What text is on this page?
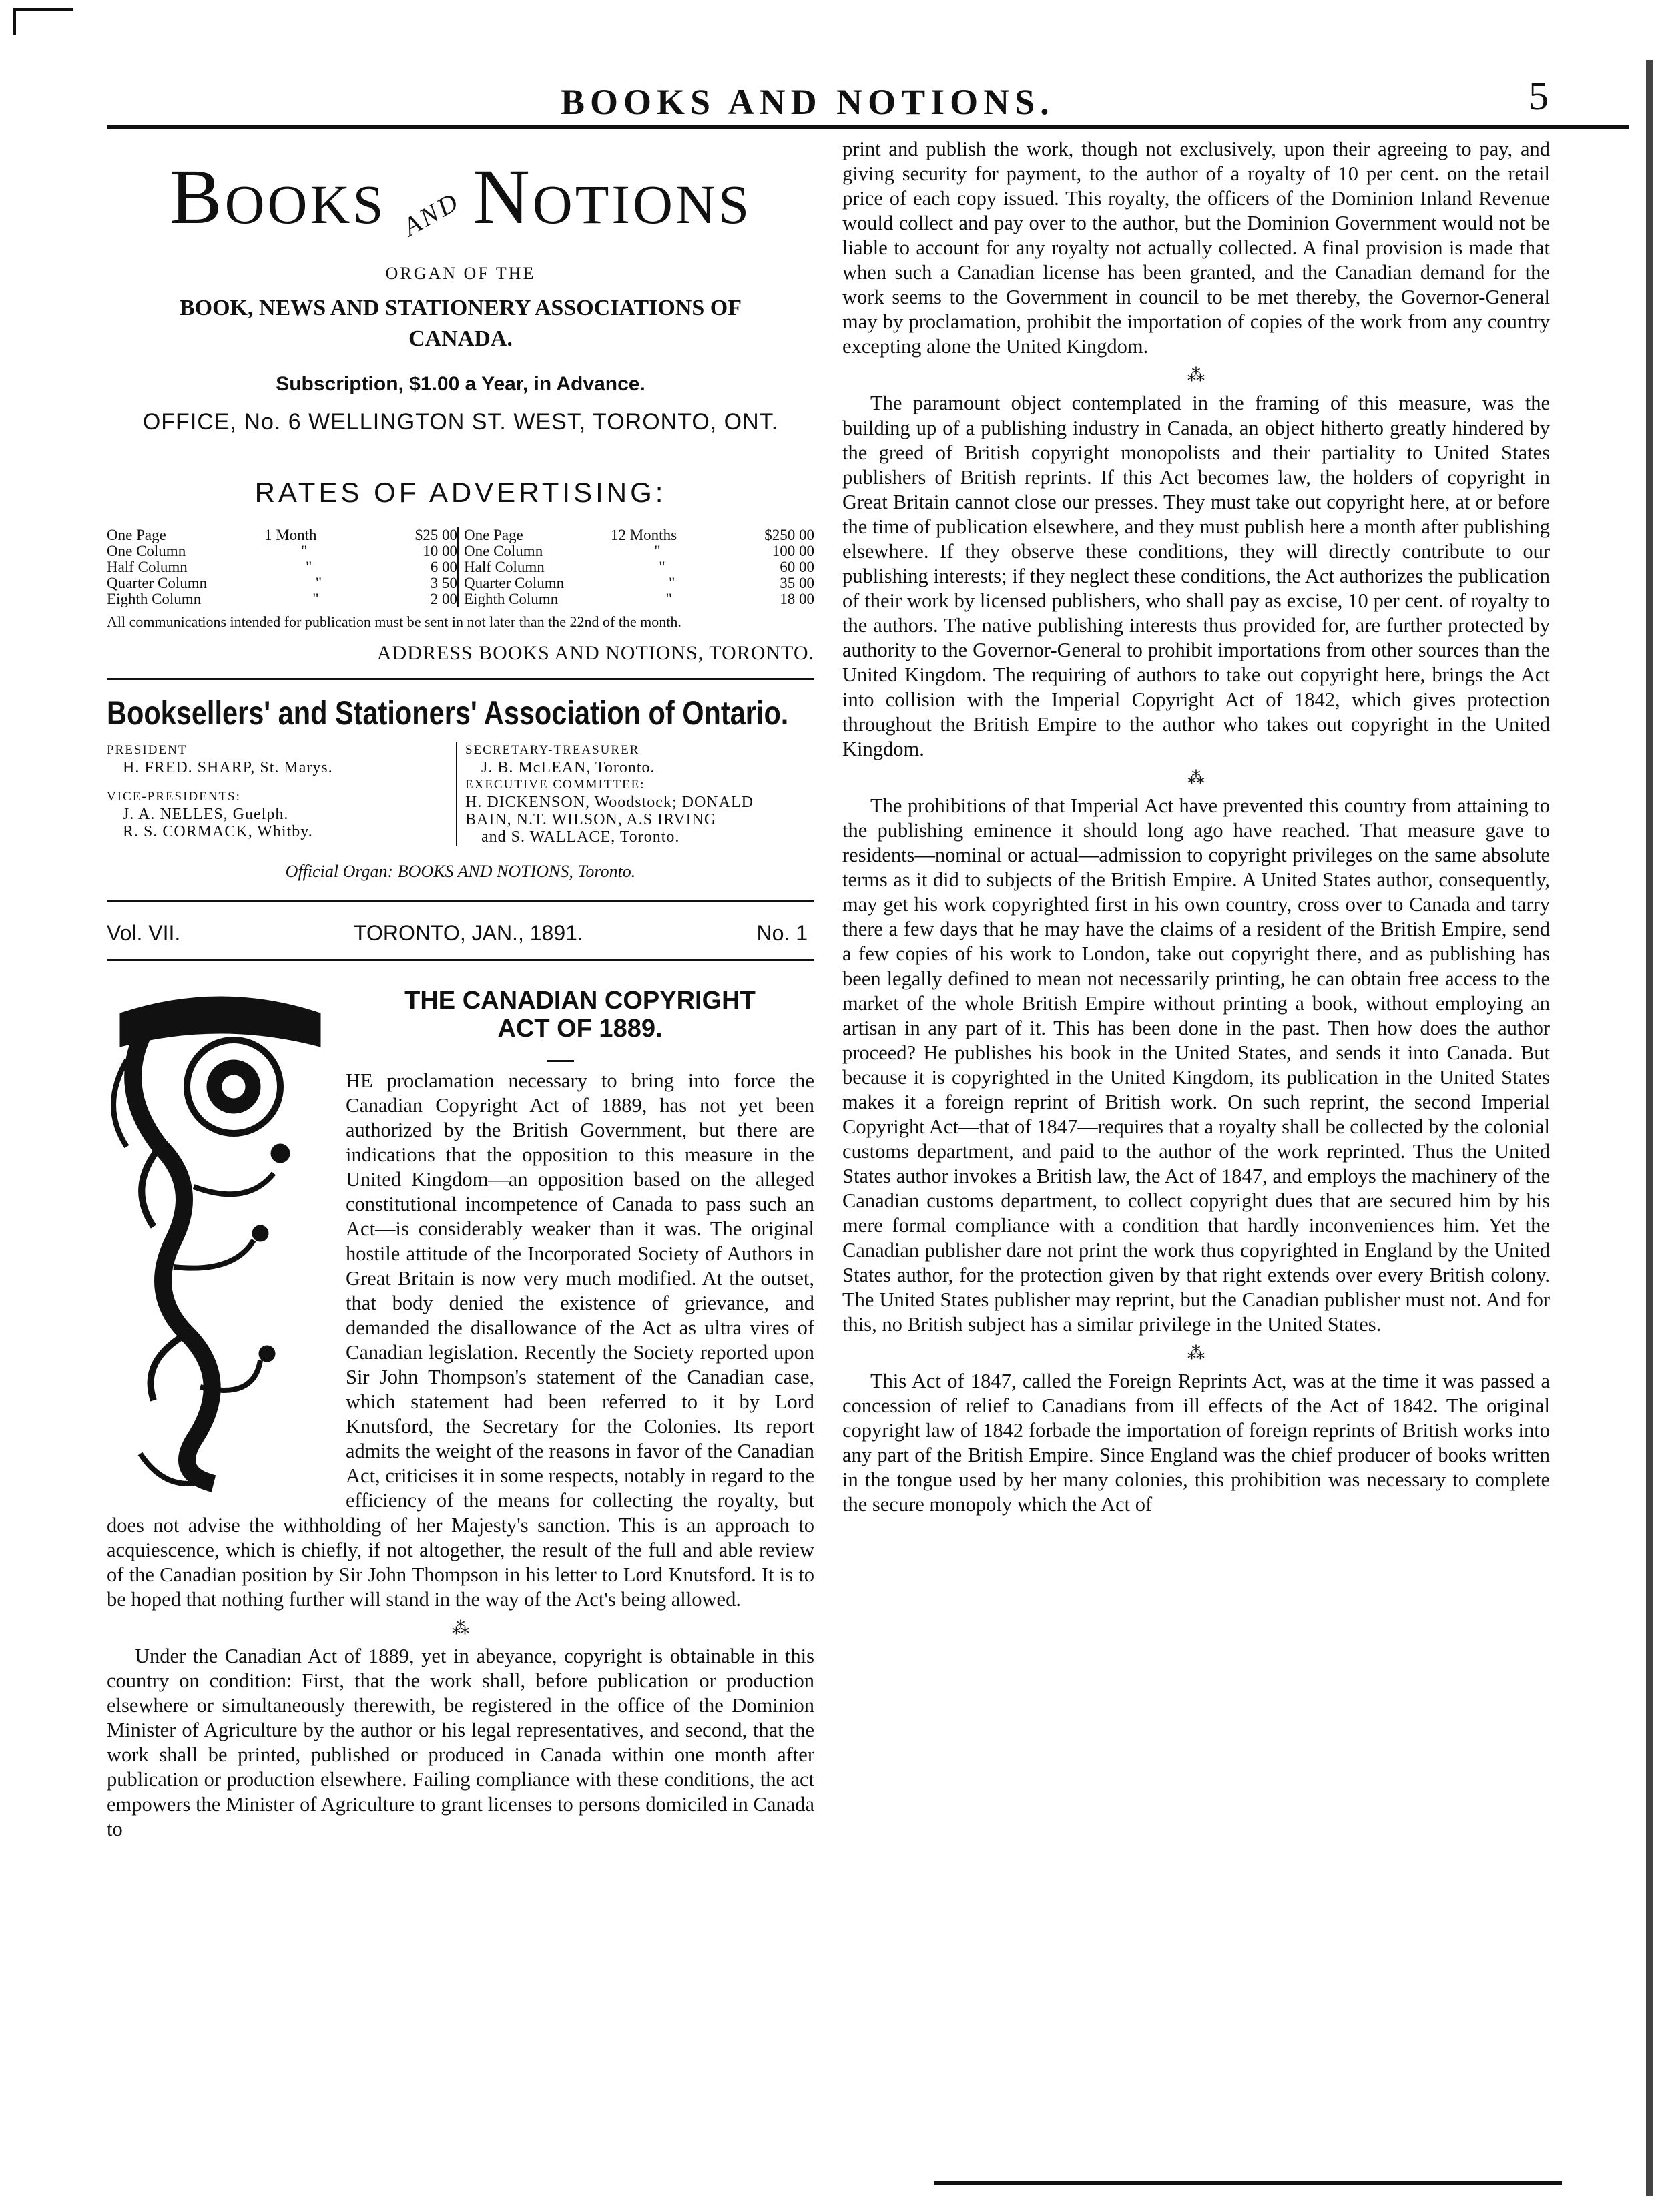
BOOKS AND NOTIONS.	5
Books andNotions
ORGAN OF THE
BOOK, NEWS AND STATIONERY ASSOCIATIONS OF CANADA.
Subscription, $1.00 a Year, in Advance.
OFFICE, No. 6 WELLINGTON ST. WEST, TORONTO, ONT.
RATES OF ADVERTISING:
One Page	1 Month	$25 00
One Column	"	10 00
Half Column	"	6 00
Quarter Column	"	3 50
Eighth Column	"	2 00
One Page	12 Months	$250 00
One Column	"	100 00
Half Column	"	60 00
Quarter Column	"	35 00
Eighth Column	"	18 00
All communications intended for publication must be sent in not later than the 22nd of the month.
ADDRESS BOOKS AND NOTIONS, TORONTO.
Booksellers' and Stationers' Association of Ontario.
PRESIDENT
H. FRED. SHARP, St. Marys.
VICE-PRESIDENTS:
J. A. NELLES, Guelph.
R. S. CORMACK, Whitby.
SECRETARY-TREASURER
J. B. McLEAN, Toronto.
EXECUTIVE COMMITTEE:
H. DICKENSON, Woodstock; DONALD
BAIN, N.T. WILSON, A.S IRVING
and S. WALLACE, Toronto.
Official Organ: BOOKS AND NOTIONS, Toronto.
Vol. VII.	TORONTO, JAN., 1891.	No. 1
THE CANADIAN COPYRIGHT
ACT OF 1889.

HE proclamation necessary to bring into force the Canadian Copyright Act of 1889, has not yet been authorized by the British Government, but there are indications that the opposition to this measure in the United Kingdom—an opposition based on the alleged constitutional incompetence of Canada to pass such an Act—is considerably weaker than it was. The original hostile attitude of the Incorporated Society of Authors in Great Britain is now very much modified. At the outset, that body denied the existence of grievance, and demanded the disallowance of the Act as ultra vires of Canadian legislation. Recently the Society reported upon Sir John Thompson's statement of the Canadian case, which statement had been referred to it by Lord Knutsford, the Secretary for the Colonies. Its report admits the weight of the reasons in favor of the Canadian Act, criticises it in some respects, notably in regard to the efficiency of the means for collecting the royalty, but does not advise the withholding of her Majesty's sanction. This is an approach to acquiescence, which is chiefly, if not altogether, the result of the full and able review of the Canadian position by Sir John Thompson in his letter to Lord Knutsford. It is to be hoped that nothing further will stand in the way of the Act's being allowed.

⁂

Under the Canadian Act of 1889, yet in abeyance, copyright is obtainable in this country on condition: First, that the work shall, before publication or production elsewhere or simultaneously therewith, be registered in the office of the Dominion Minister of Agriculture by the author or his legal representatives, and second, that the work shall be printed, published or produced in Canada within one month after publication or production elsewhere. Failing compliance with these conditions, the act empowers the Minister of Agriculture to grant licenses to persons domiciled in Canada to

print and publish the work, though not exclusively, upon their agreeing to pay, and giving security for payment, to the author of a royalty of 10 per cent. on the retail price of each copy issued. This royalty, the officers of the Dominion Inland Revenue would collect and pay over to the author, but the Dominion Government would not be liable to account for any royalty not actually collected. A final provision is made that when such a Canadian license has been granted, and the Canadian demand for the work seems to the Government in council to be met thereby, the Governor-General may by proclamation, prohibit the importation of copies of the work from any country excepting alone the United Kingdom.

⁂

The paramount object contemplated in the framing of this measure, was the building up of a publishing industry in Canada, an object hitherto greatly hindered by the greed of British copyright monopolists and their partiality to United States publishers of British reprints. If this Act becomes law, the holders of copyright in Great Britain cannot close our presses. They must take out copyright here, at or before the time of publication elsewhere, and they must publish here a month after publishing elsewhere. If they observe these conditions, they will directly contribute to our publishing interests; if they neglect these conditions, the Act authorizes the publication of their work by licensed publishers, who shall pay as excise, 10 per cent. of royalty to the authors. The native publishing interests thus provided for, are further protected by authority to the Governor-General to prohibit importations from other sources than the United Kingdom. The requiring of authors to take out copyright here, brings the Act into collision with the Imperial Copyright Act of 1842, which gives protection throughout the British Empire to the author who takes out copyright in the United Kingdom.

⁂

The prohibitions of that Imperial Act have prevented this country from attaining to the publishing eminence it should long ago have reached. That measure gave to residents—nominal or actual—admission to copyright privileges on the same absolute terms as it did to subjects of the British Empire. A United States author, consequently, may get his work copyrighted first in his own country, cross over to Canada and tarry there a few days that he may have the claims of a resident of the British Empire, send a few copies of his work to London, take out copyright there, and as publishing has been legally defined to mean not necessarily printing, he can obtain free access to the market of the whole British Empire without printing a book, without employing an artisan in any part of it. This has been done in the past. Then how does the author proceed? He publishes his book in the United States, and sends it into Canada. But because it is copyrighted in the United Kingdom, its publication in the United States makes it a foreign reprint of British work. On such reprint, the second Imperial Copyright Act—that of 1847—requires that a royalty shall be collected by the colonial customs department, and paid to the author of the work reprinted. Thus the United States author invokes a British law, the Act of 1847, and employs the machinery of the Canadian customs department, to collect copyright dues that are secured him by his mere formal compliance with a condition that hardly inconveniences him. Yet the Canadian publisher dare not print the work thus copyrighted in England by the United States author, for the protection given by that right extends over every British colony. The United States publisher may reprint, but the Canadian publisher must not. And for this, no British subject has a similar privilege in the United States.

⁂

This Act of 1847, called the Foreign Reprints Act, was at the time it was passed a concession of relief to Canadians from ill effects of the Act of 1842. The original copyright law of 1842 forbade the importation of foreign reprints of British works into any part of the British Empire. Since England was the chief producer of books written in the tongue used by her many colonies, this prohibition was necessary to complete the secure monopoly which the Act of
